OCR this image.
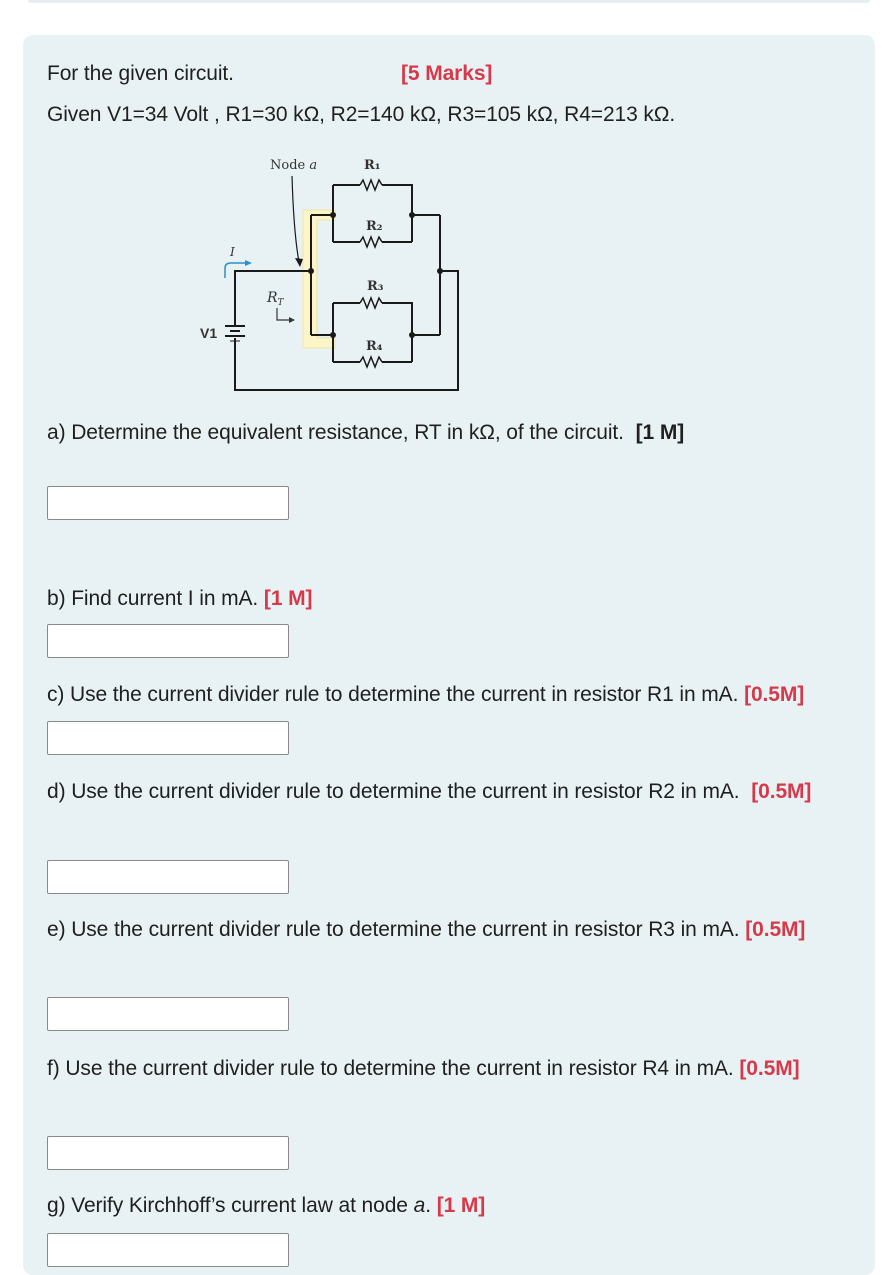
For the given circuit.	[5 Marks]
Given V1=34 Volt , R1=30 kΩ, R2=140 kΩ, R3=105 kΩ, R4=213 kΩ.
Node a	R₁
R₂
R₃
R₄
I
$R_T$
V1
a) Determine the equivalent resistance, RT in kΩ, of the circuit. [1 M]
b) Find current I in mA. [1 M]
c) Use the current divider rule to determine the current in resistor R1 in mA. [0.5M]
d) Use the current divider rule to determine the current in resistor R2 in mA. [0.5M]
e) Use the current divider rule to determine the current in resistor R3 in mA. [0.5M]
f) Use the current divider rule to determine the current in resistor R4 in mA. [0.5M]
g) Verify Kirchhoff’s current law at node a. [1 M]
